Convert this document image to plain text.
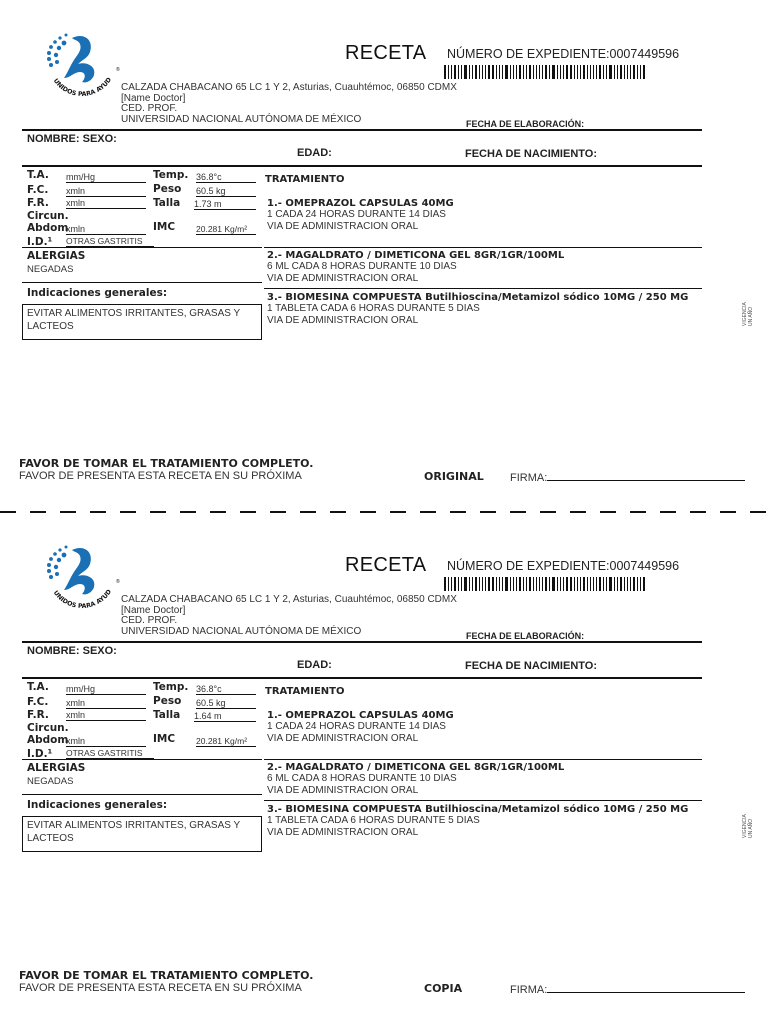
UNIDOS PARA AYUD
®
RECETA NÚMERO DE EXPEDIENTE:0007449596
CALZADA CHABACANO 65 LC 1 Y 2, Asturias, Cuauhtémoc, 06850 CDMX
[Name Doctor]
CED. PROF.
UNIVERSIDAD NACIONAL AUTÓNOMA DE MÉXICO	FECHA DE ELABORACIÓN:
NOMBRE: SEXO:
EDAD:	FECHA DE NACIMIENTO:
T.A. mm/Hg
F.C. xmln
F.R. xmln
Circun.
Abdom
xmln
I.D.¹ OTRAS GASTRITIS
Temp. 36.8°c
Peso 60.5 kg
Talla 1.73 m
IMC 20.281 Kg/m²
ALERGIAS
NEGADAS
Indicaciones generales:
EVITAR ALIMENTOS IRRITANTES, GRASAS Y LACTEOS
TRATAMIENTO
1.- OMEPRAZOL CAPSULAS 40MG
1 CADA 24 HORAS DURANTE 14 DIAS
VIA DE ADMINISTRACION ORAL
2.- MAGALDRATO / DIMETICONA GEL 8GR/1GR/100ML
6 ML CADA 8 HORAS DURANTE 10 DIAS
VIA DE ADMINISTRACION ORAL
3.- BIOMESINA COMPUESTA Butilhioscina/Metamizol sódico 10MG / 250 MG
1 TABLETA CADA 6 HORAS DURANTE 5 DIAS
VIA DE ADMINISTRACION ORAL	VIGENCIA UN AÑO
FAVOR DE TOMAR EL TRATAMIENTO COMPLETO.
FAVOR DE PRESENTA ESTA RECETA EN SU PRÓXIMA	ORIGINAL FIRMA:
UNIDOS PARA AYUD
®
RECETA NÚMERO DE EXPEDIENTE:0007449596
CALZADA CHABACANO 65 LC 1 Y 2, Asturias, Cuauhtémoc, 06850 CDMX
[Name Doctor]
CED. PROF.
UNIVERSIDAD NACIONAL AUTÓNOMA DE MÉXICO	FECHA DE ELABORACIÓN:
NOMBRE: SEXO:
EDAD:	FECHA DE NACIMIENTO:
T.A. mm/Hg
F.C. xmln
F.R. xmln
Circun.
Abdom
xmln
I.D.¹ OTRAS GASTRITIS
Temp. 36.8°c
Peso 60.5 kg
Talla 1.64 m
IMC 20.281 Kg/m²
ALERGIAS
NEGADAS
Indicaciones generales:
EVITAR ALIMENTOS IRRITANTES, GRASAS Y LACTEOS
TRATAMIENTO
1.- OMEPRAZOL CAPSULAS 40MG
1 CADA 24 HORAS DURANTE 14 DIAS
VIA DE ADMINISTRACION ORAL
2.- MAGALDRATO / DIMETICONA GEL 8GR/1GR/100ML
6 ML CADA 8 HORAS DURANTE 10 DIAS
VIA DE ADMINISTRACION ORAL
3.- BIOMESINA COMPUESTA Butilhioscina/Metamizol sódico 10MG / 250 MG
1 TABLETA CADA 6 HORAS DURANTE 5 DIAS
VIA DE ADMINISTRACION ORAL	VIGENCIA UN AÑO
FAVOR DE TOMAR EL TRATAMIENTO COMPLETO.
FAVOR DE PRESENTA ESTA RECETA EN SU PRÓXIMA	COPIA	FIRMA:
